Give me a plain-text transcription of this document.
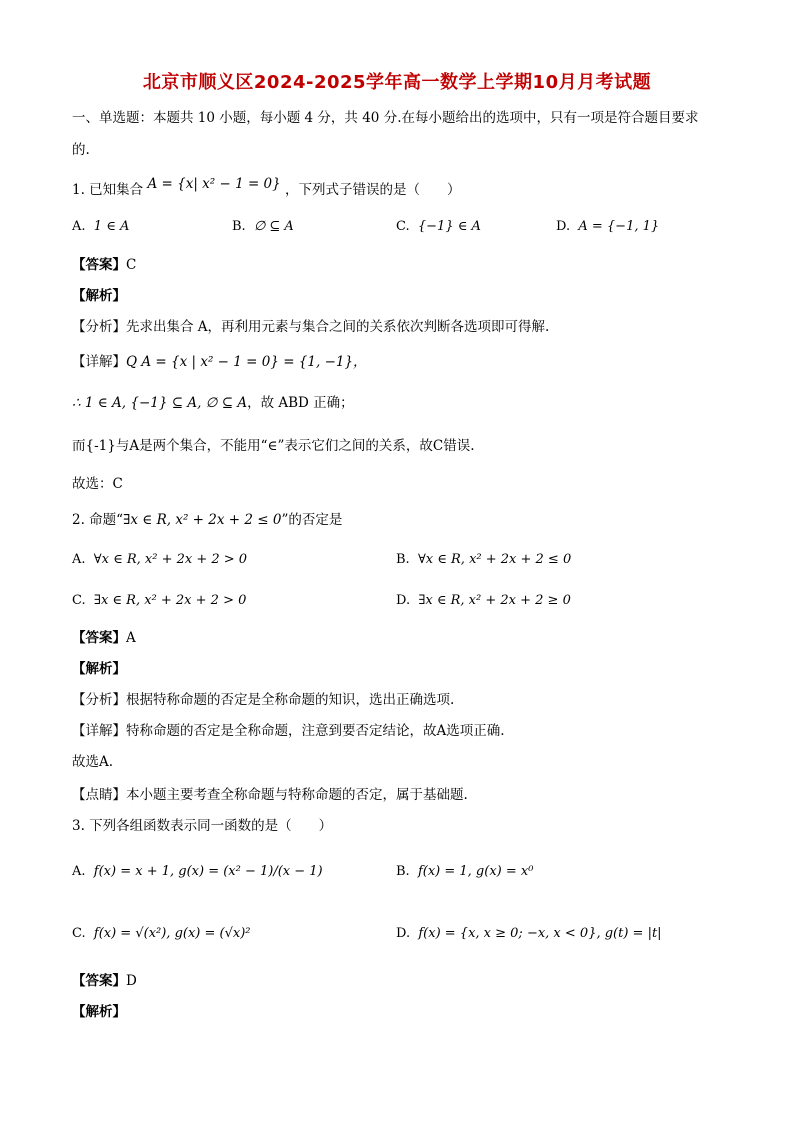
北京市顺义区2024-2025学年高一数学上学期10月月考试题
一、单选题：本题共 10 小题，每小题 4 分，共 40 分.在每小题给出的选项中，只有一项是符合题目要求
的.
1. 已知集合 A = {x| x² − 1 = 0} ，下列式子错误的是（　　）
A. 1 ∈ A	B. ∅ ⊆ A	C. {−1} ∈ A	D. A = {−1, 1}
【答案】C
【解析】
【分析】先求出集合 A，再利用元素与集合之间的关系依次判断各选项即可得解.
【详解】Q A = {x | x² − 1 = 0} = {1, −1}，
∴ 1 ∈ A, {−1} ⊆ A, ∅ ⊆ A，故 ABD 正确；
而{-1}与A是两个集合，不能用“∈”表示它们之间的关系，故C错误.
故选：C
2. 命题“∃x ∈ R, x² + 2x + 2 ≤ 0”的否定是
A. ∀x ∈ R, x² + 2x + 2 > 0	B. ∀x ∈ R, x² + 2x + 2 ≤ 0
C. ∃x ∈ R, x² + 2x + 2 > 0	D. ∃x ∈ R, x² + 2x + 2 ≥ 0
【答案】A
【解析】
【分析】根据特称命题的否定是全称命题的知识，选出正确选项.
【详解】特称命题的否定是全称命题，注意到要否定结论，故A选项正确.
故选A.
【点睛】本小题主要考查全称命题与特称命题的否定，属于基础题.
3. 下列各组函数表示同一函数的是（　　）
A. f(x) = x + 1, g(x) = (x² − 1)/(x − 1)	B. f(x) = 1, g(x) = x⁰
C. f(x) = √(x²), g(x) = (√x)²	D. f(x) = {x, x ≥ 0; −x, x < 0}, g(t) = |t|
【答案】D
【解析】
